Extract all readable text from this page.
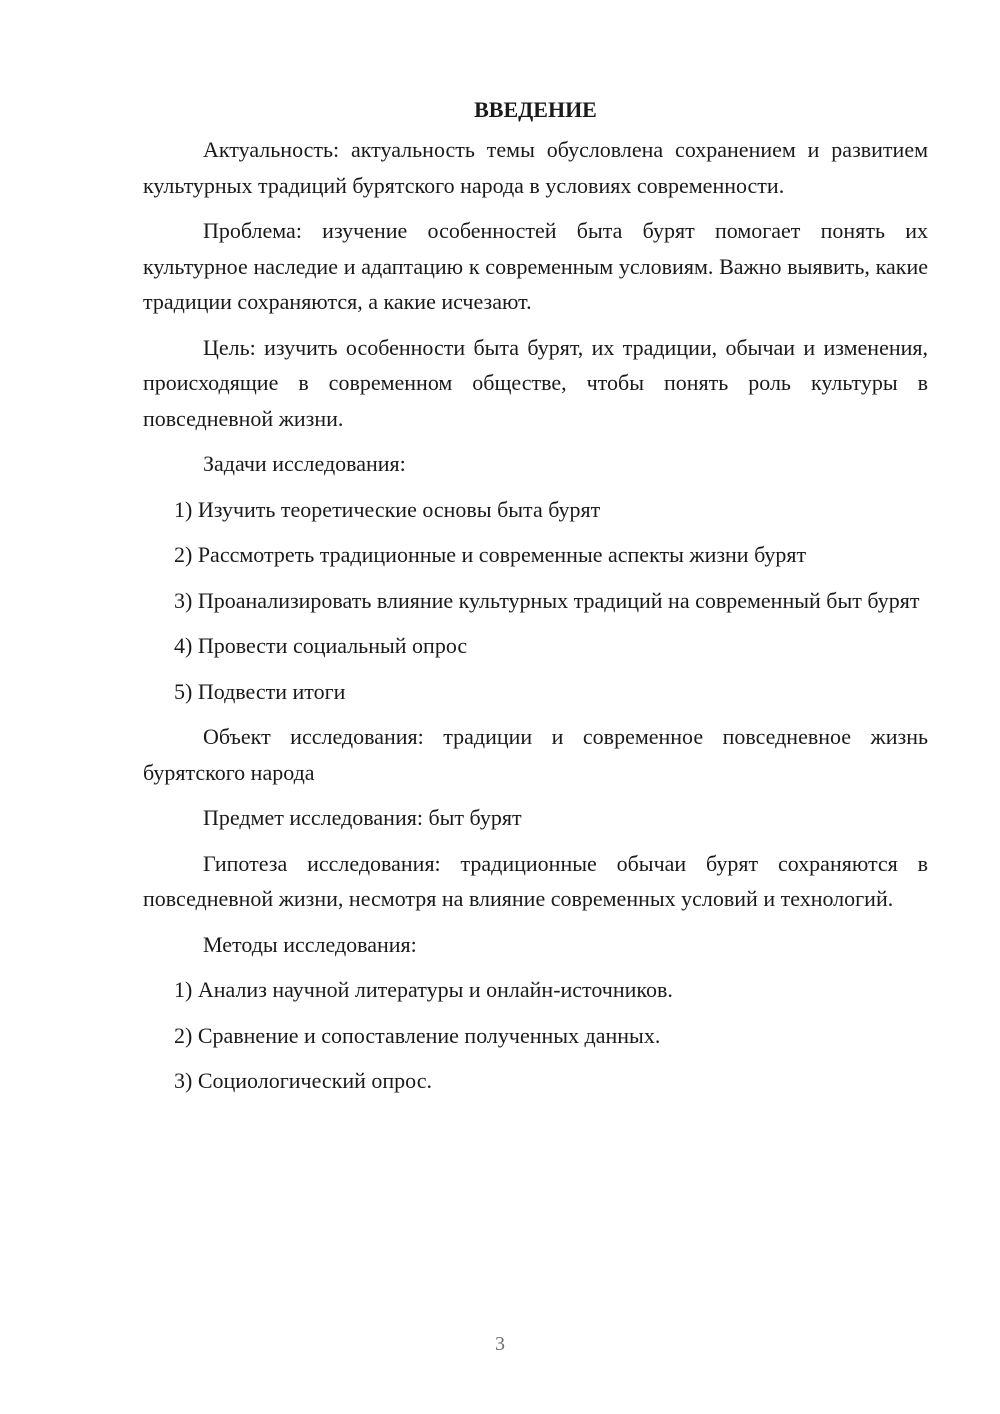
ВВЕДЕНИЕ

Актуальность: актуальность темы обусловлена сохранением и развитием культурных традиций бурятского народа в условиях современности.

Проблема: изучение особенностей быта бурят помогает понять их культурное наследие и адаптацию к современным условиям. Важно выявить, какие традиции сохраняются, а какие исчезают.

Цель: изучить особенности быта бурят, их традиции, обычаи и изменения, происходящие в современном обществе, чтобы понять роль культуры в повседневной жизни.

Задачи исследования:

1) Изучить теоретические основы быта бурят

2) Рассмотреть традиционные и современные аспекты жизни бурят

3) Проанализировать влияние культурных традиций на современный быт бурят

4) Провести социальный опрос

5) Подвести итоги

Объект исследования: традиции и современное повседневное жизнь бурятского народа

Предмет исследования: быт бурят

Гипотеза исследования: традиционные обычаи бурят сохраняются в повседневной жизни, несмотря на влияние современных условий и технологий.

Методы исследования:

1) Анализ научной литературы и онлайн-источников.

2) Сравнение и сопоставление полученных данных.

3) Социологический опрос.

3
